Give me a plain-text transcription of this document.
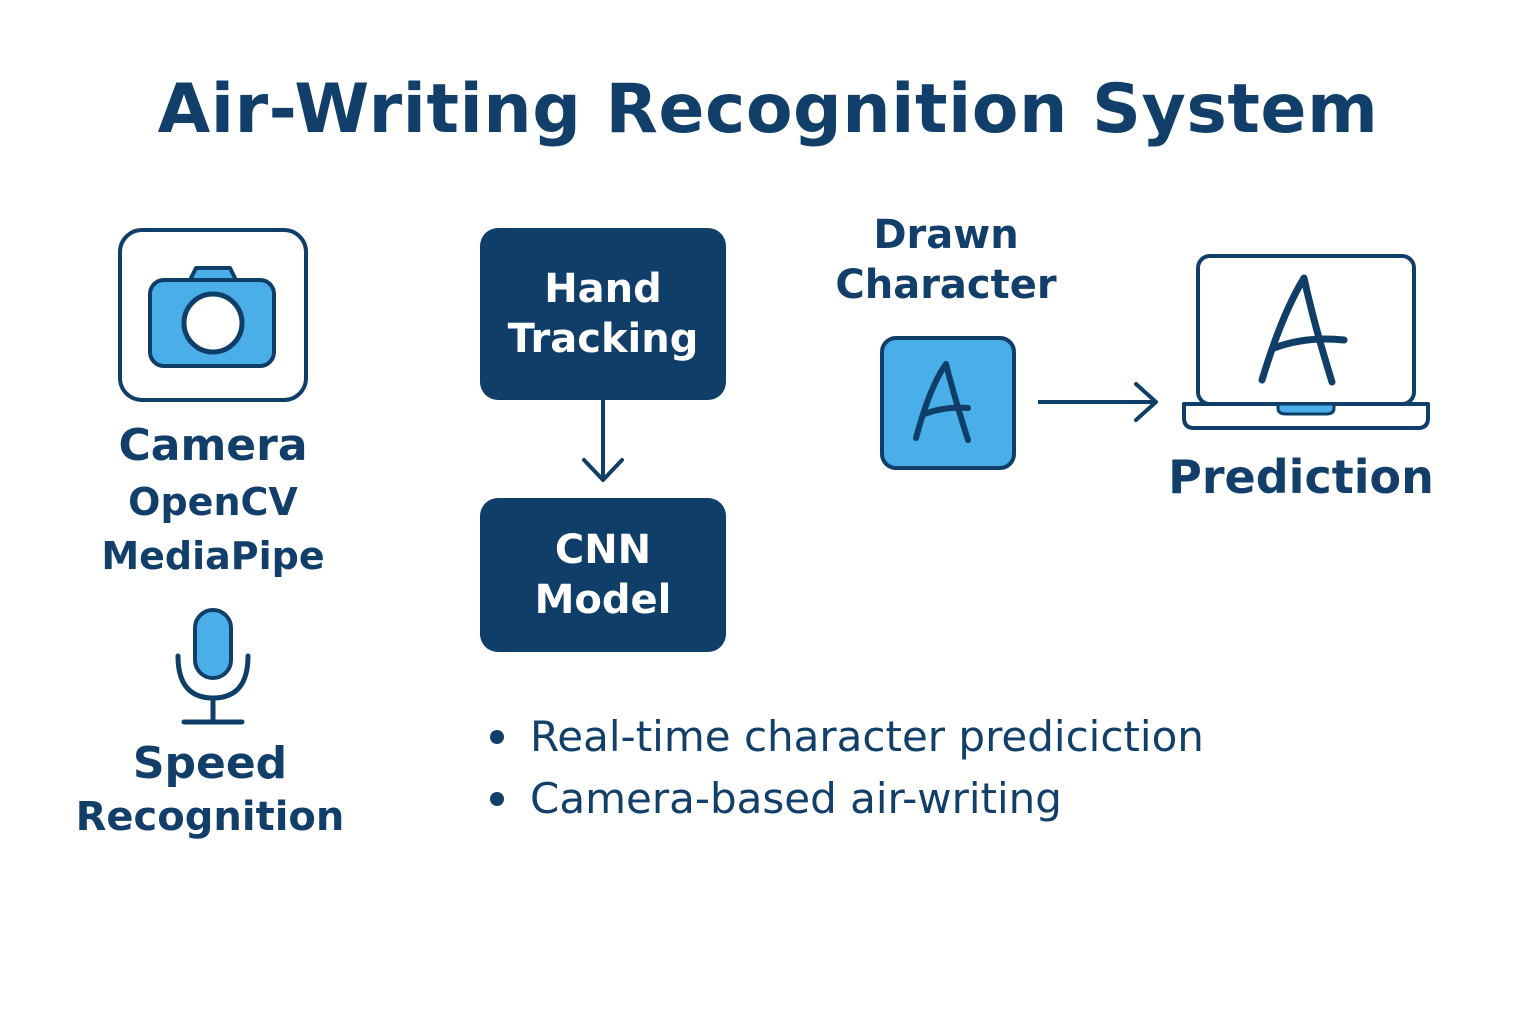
Air-Writing Recognition System
Camera
OpenCV
MediaPipe
Speed
Recognition
Hand
Tracking
CNN
Model
Drawn
Character
Prediction
Real-time character prediciction
Camera-based air-writing
